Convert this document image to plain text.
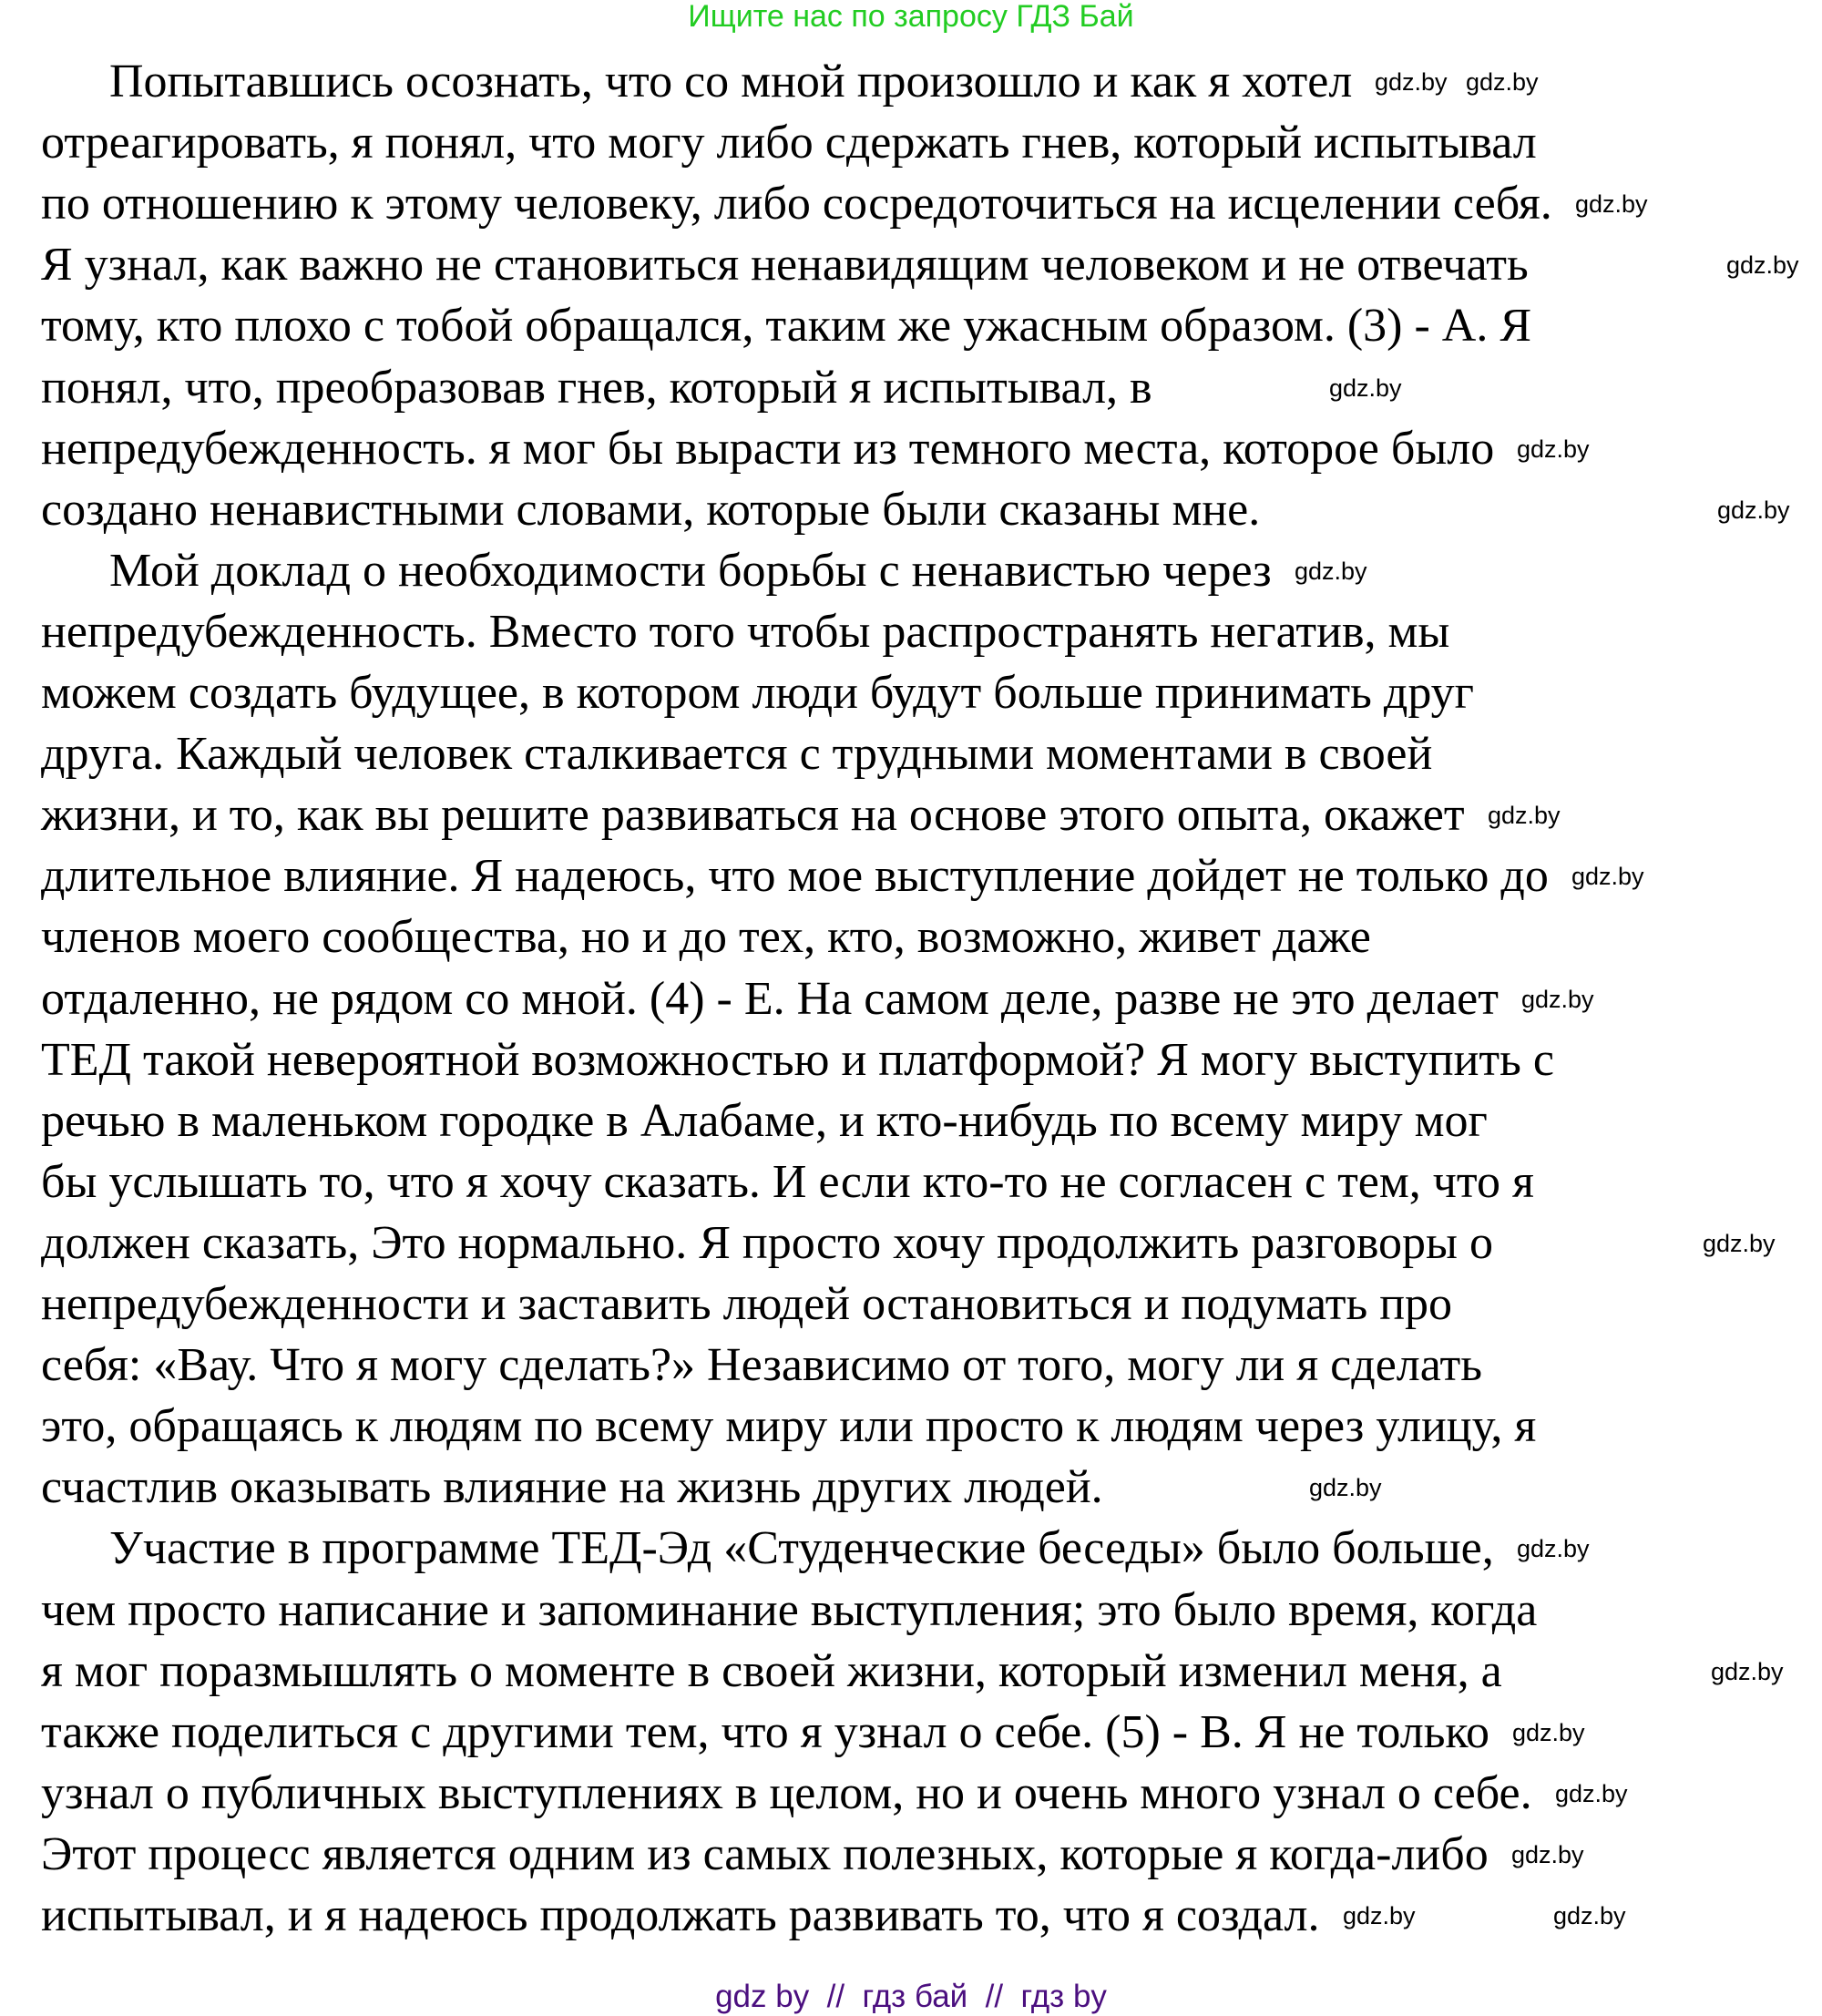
Ищите нас по запросу ГДЗ Бай
Попытавшись осознать, что со мной произошло и как я хотел
отреагировать, я понял, что могу либо сдержать гнев, который испытывал
по отношению к этому человеку, либо сосредоточиться на исцелении себя.
Я узнал, как важно не становиться ненавидящим человеком и не отвечать
тому, кто плохо с тобой обращался, таким же ужасным образом. (3) - А. Я
понял, что, преобразовав гнев, который я испытывал, в
непредубежденность. я мог бы вырасти из темного места, которое было
создано ненавистными словами, которые были сказаны мне.
Мой доклад о необходимости борьбы с ненавистью через
непредубежденность. Вместо того чтобы распространять негатив, мы
можем создать будущее, в котором люди будут больше принимать друг
друга. Каждый человек сталкивается с трудными моментами в своей
жизни, и то, как вы решите развиваться на основе этого опыта, окажет
длительное влияние. Я надеюсь, что мое выступление дойдет не только до
членов моего сообщества, но и до тех, кто, возможно, живет даже
отдаленно, не рядом со мной. (4) - Е. На самом деле, разве не это делает
ТЕД такой невероятной возможностью и платформой? Я могу выступить с
речью в маленьком городке в Алабаме, и кто-нибудь по всему миру мог
бы услышать то, что я хочу сказать. И если кто-то не согласен с тем, что я
должен сказать, Это нормально. Я просто хочу продолжить разговоры о
непредубежденности и заставить людей остановиться и подумать про
себя: «Вау. Что я могу сделать?» Независимо от того, могу ли я сделать
это, обращаясь к людям по всему миру или просто к людям через улицу, я
счастлив оказывать влияние на жизнь других людей.
Участие в программе ТЕД-Эд «Студенческие беседы» было больше,
чем просто написание и запоминание выступления; это было время, когда
я мог поразмышлять о моменте в своей жизни, который изменил меня, а
также поделиться с другими тем, что я узнал о себе. (5) - В. Я не только
узнал о публичных выступлениях в целом, но и очень много узнал о себе.
Этот процесс является одним из самых полезных, которые я когда-либо
испытывал, и я надеюсь продолжать развивать то, что я создал.
gdz.by gdz.by
gdz.by
gdz.by
gdz.by
gdz.by
gdz.by
gdz.by
gdz.by
gdz.by
gdz.by
gdz.by
gdz.by
gdz.by
gdz.by
gdz.by
gdz.by
gdz.by
gdz.by	gdz.by
gdz by  //  гдз бай  //  гдз by
